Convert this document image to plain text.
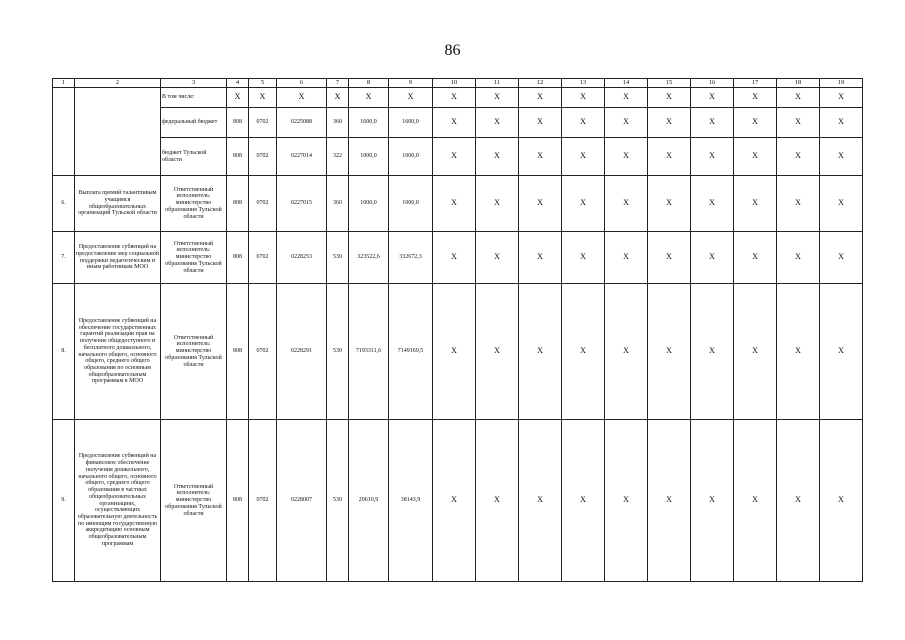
86
1	2	3	4	5	6	7	8	9	10	11	12	13	14	15	16	17	18	19
		В том числе:	Х	Х	Х	Х	Х	Х	Х	Х	Х	Х	Х	Х	Х	Х	Х	Х
		федеральный бюджет	808	0702	0225088	360	1600,0	1600,0	Х	Х	Х	Х	Х	Х	Х	Х	Х	Х
		бюджет Тульской области	808	0702	0227014	322	1000,0	1000,0	Х	Х	Х	Х	Х	Х	Х	Х	Х	Х
6.	Выплата премий талантливым учащимся общеобразовательных организаций Тульской области	Ответственный исполнитель: министерство образования Тульской области	808	0702	0227015	360	1000,0	1000,0	Х	Х	Х	Х	Х	Х	Х	Х	Х	Х
7.	Предоставление субвенций на предоставление мер социальной поддержки педагогическим и иным работникам МОО	Ответственный исполнитель: министерство образования Тульской области	808	0702	0228253	530	323522,6	332672,3	Х	Х	Х	Х	Х	Х	Х	Х	Х	Х
8.	Предоставление субвенций на обеспечение государственных гарантий реализации прав на получение общедоступного и бесплатного дошкольного, начального общего, основного общего, среднего общего образования по основным общеобразовательным программам в МОО	Ответственный исполнитель: министерство образования Тульской области	808	0702	0228291	530	7193311,6	7149169,5	Х	Х	Х	Х	Х	Х	Х	Х	Х	Х
9.	Предоставление субвенций на финансовое обеспечение получения дошкольного, начального общего, основного общего, среднего общего образования в частных общеобразовательных организациях, осуществляющих образовательную деятельность по имеющим государственную аккредитацию основным общеобразовательным программам	Ответственный исполнитель: министерство образования Тульской области	808	0702	0228007	530	20610,9	38143,9	Х	Х	Х	Х	Х	Х	Х	Х	Х	Х
